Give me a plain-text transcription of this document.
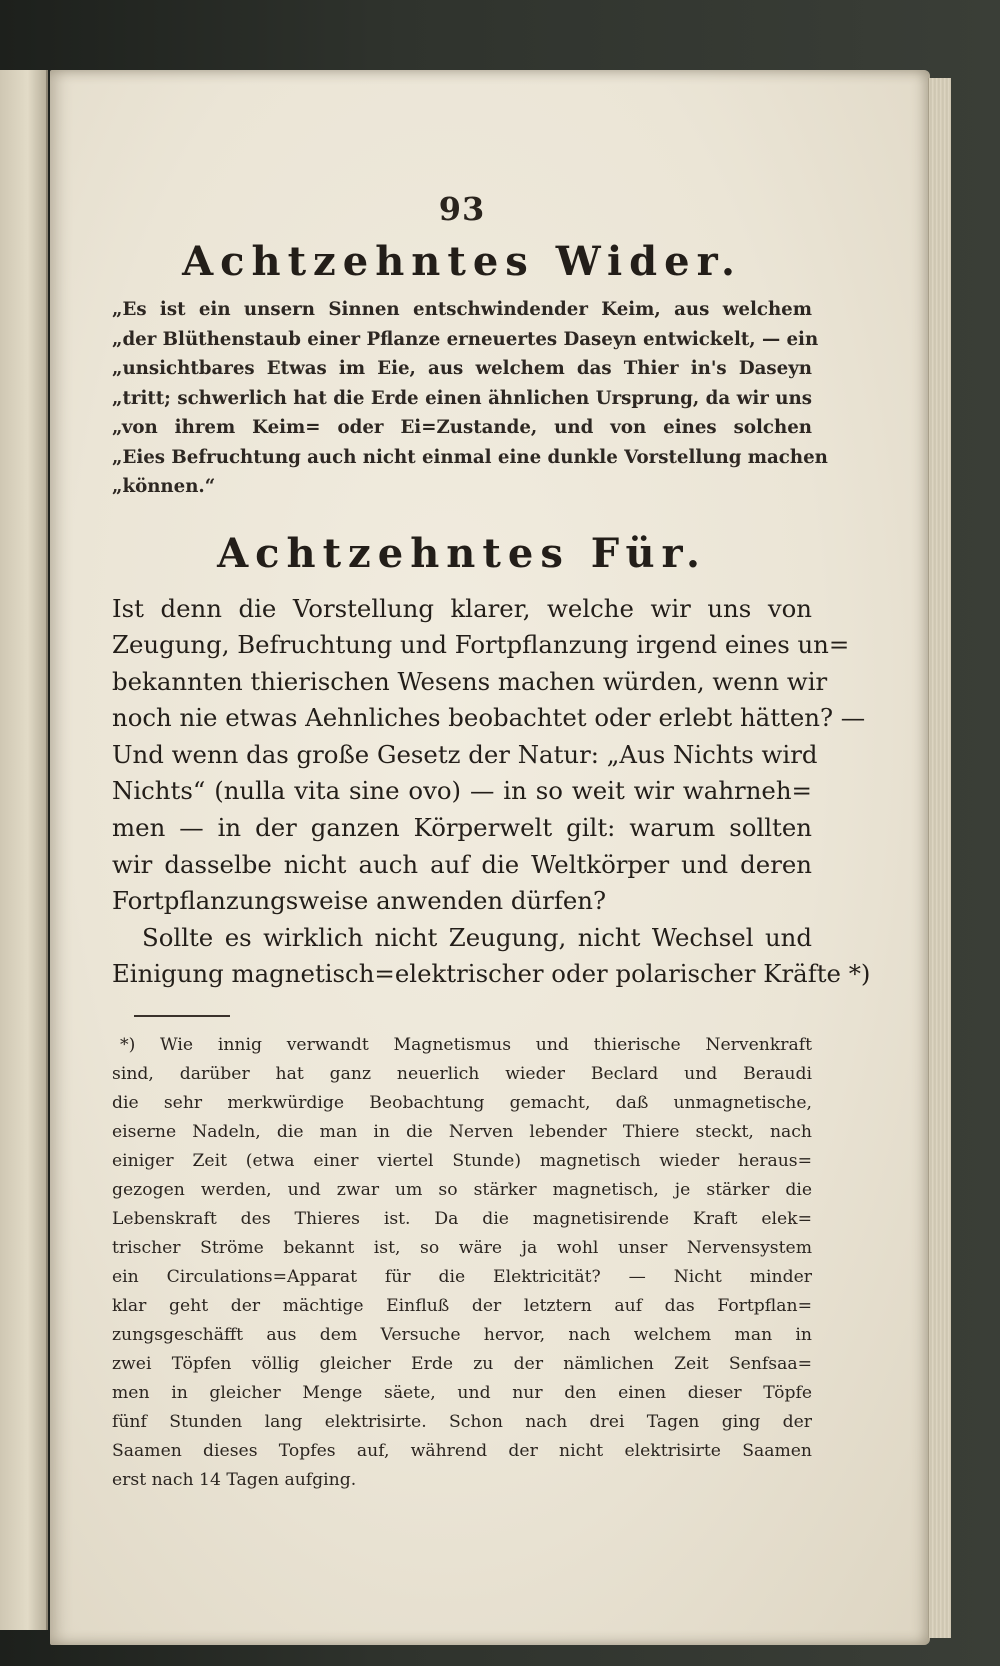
93
Achtzehntes Wider.
„Es ist ein unsern Sinnen entschwindender Keim, aus welchem
„der Blüthenstaub einer Pflanze erneuertes Daseyn entwickelt, — ein
„unsichtbares Etwas im Eie, aus welchem das Thier in's Daseyn
„tritt; schwerlich hat die Erde einen ähnlichen Ursprung, da wir uns
„von ihrem Keim= oder Ei=Zustande, und von eines solchen
„Eies Befruchtung auch nicht einmal eine dunkle Vorstellung machen
„können.“
Achtzehntes Für.
Ist denn die Vorstellung klarer, welche wir uns von
Zeugung, Befruchtung und Fortpflanzung irgend eines un=
bekannten thierischen Wesens machen würden, wenn wir
noch nie etwas Aehnliches beobachtet oder erlebt hätten? —
Und wenn das große Gesetz der Natur: „Aus Nichts wird
Nichts“ (nulla vita sine ovo) — in so weit wir wahrneh=
men — in der ganzen Körperwelt gilt: warum sollten
wir dasselbe nicht auch auf die Weltkörper und deren
Fortpflanzungsweise anwenden dürfen?
Sollte es wirklich nicht Zeugung, nicht Wechsel und
Einigung magnetisch=elektrischer oder polarischer Kräfte *)
*) Wie innig verwandt Magnetismus und thierische Nervenkraft
sind, darüber hat ganz neuerlich wieder Beclard und Beraudi
die sehr merkwürdige Beobachtung gemacht, daß unmagnetische,
eiserne Nadeln, die man in die Nerven lebender Thiere steckt, nach
einiger Zeit (etwa einer viertel Stunde) magnetisch wieder heraus=
gezogen werden, und zwar um so stärker magnetisch, je stärker die
Lebenskraft des Thieres ist. Da die magnetisirende Kraft elek=
trischer Ströme bekannt ist, so wäre ja wohl unser Nervensystem
ein Circulations=Apparat für die Elektricität? — Nicht minder
klar geht der mächtige Einfluß der letztern auf das Fortpflan=
zungsgeschäfft aus dem Versuche hervor, nach welchem man in
zwei Töpfen völlig gleicher Erde zu der nämlichen Zeit Senfsaa=
men in gleicher Menge säete, und nur den einen dieser Töpfe
fünf Stunden lang elektrisirte. Schon nach drei Tagen ging der
Saamen dieses Topfes auf, während der nicht elektrisirte Saamen
erst nach 14 Tagen aufging.
